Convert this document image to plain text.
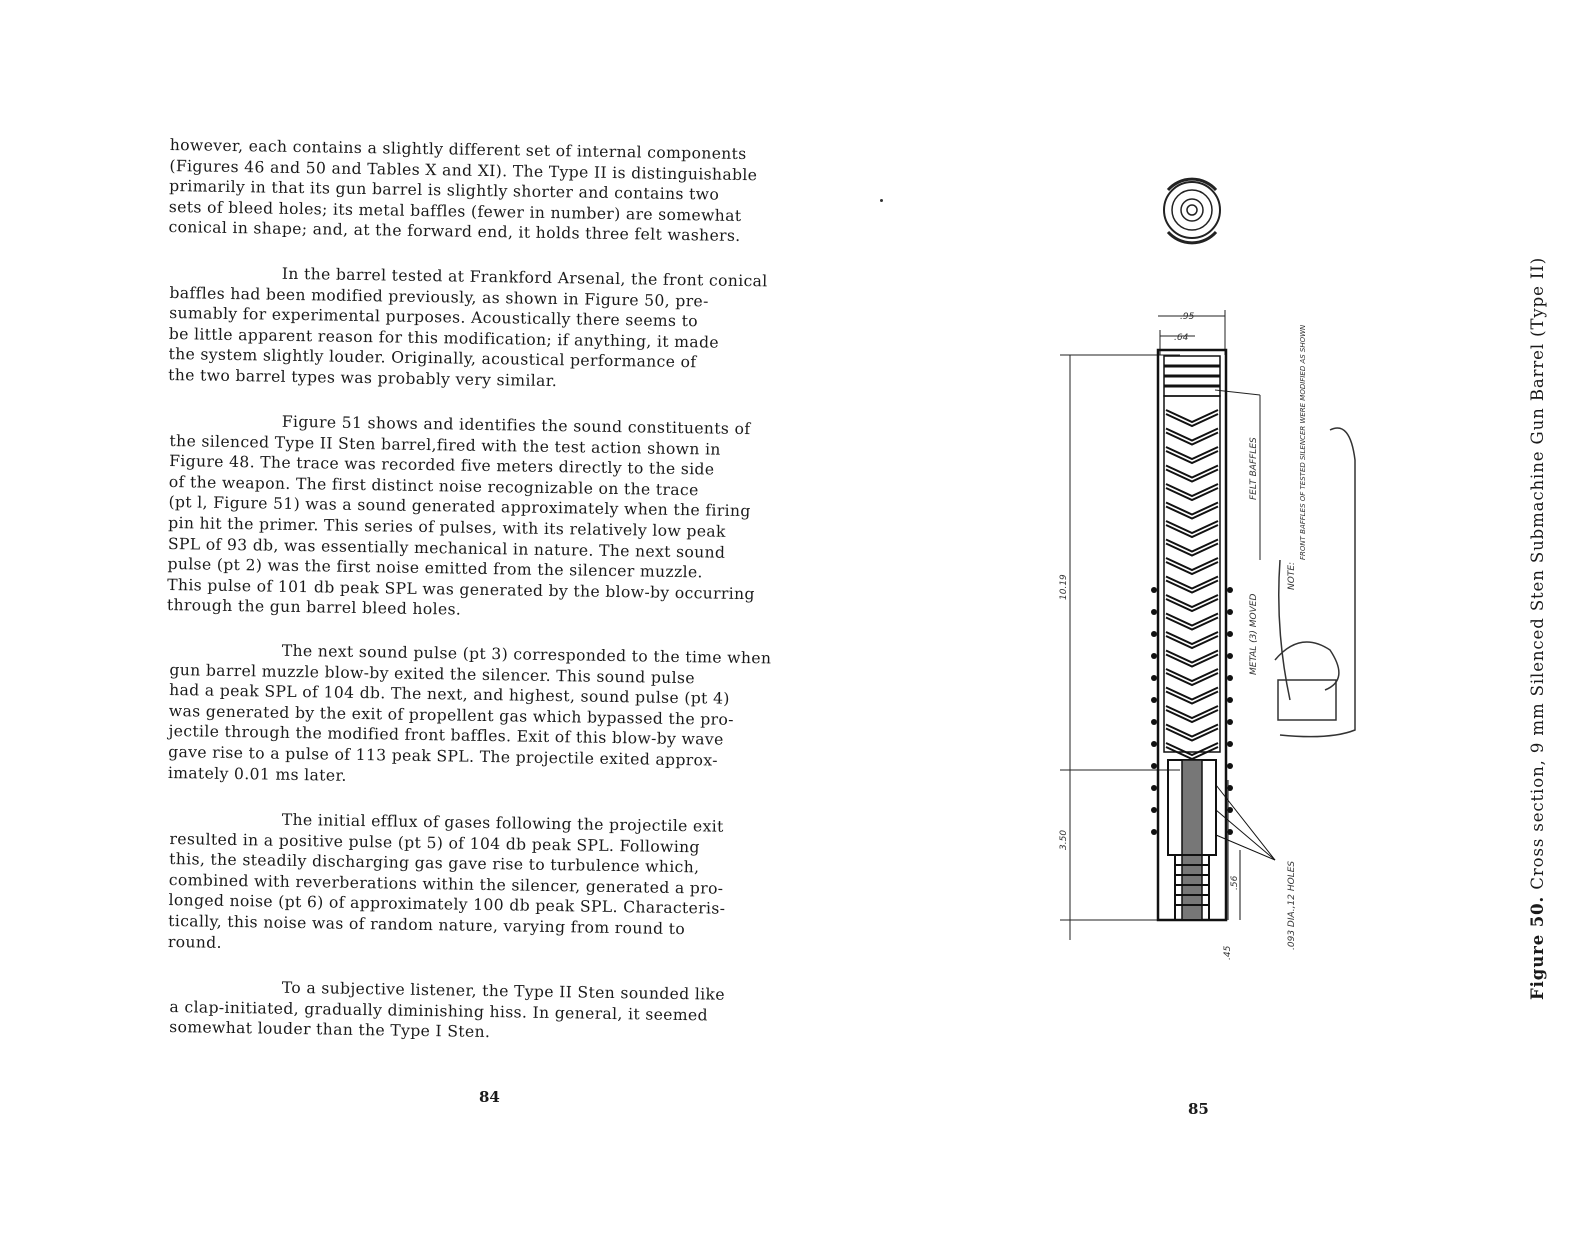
however, each contains a slightly different set of internal components
(Figures 46 and 50 and Tables X and XI). The Type II is distinguishable
primarily in that its gun barrel is slightly shorter and contains two
sets of bleed holes; its metal baffles (fewer in number) are somewhat
conical in shape; and, at the forward end, it holds three felt washers.

In the barrel tested at Frankford Arsenal, the front conical
baffles had been modified previously, as shown in Figure 50, pre-
sumably for experimental purposes. Acoustically there seems to
be little apparent reason for this modification; if anything, it made
the system slightly louder. Originally, acoustical performance of
the two barrel types was probably very similar.

Figure 51 shows and identifies the sound constituents of
the silenced Type II Sten barrel,fired with the test action shown in
Figure 48. The trace was recorded five meters directly to the side
of the weapon. The first distinct noise recognizable on the trace
(pt l, Figure 51) was a sound generated approximately when the firing
pin hit the primer. This series of pulses, with its relatively low peak
SPL of 93 db, was essentially mechanical in nature. The next sound
pulse (pt 2) was the first noise emitted from the silencer muzzle.
This pulse of 101 db peak SPL was generated by the blow-by occurring
through the gun barrel bleed holes.

The next sound pulse (pt 3) corresponded to the time when
gun barrel muzzle blow-by exited the silencer. This sound pulse
had a peak SPL of 104 db. The next, and highest, sound pulse (pt 4)
was generated by the exit of propellent gas which bypassed the pro-
jectile through the modified front baffles. Exit of this blow-by wave
gave rise to a pulse of 113 peak SPL. The projectile exited approx-
imately 0.01 ms later.

The initial efflux of gases following the projectile exit
resulted in a positive pulse (pt 5) of 104 db peak SPL. Following
this, the steadily discharging gas gave rise to turbulence which,
combined with reverberations within the silencer, generated a pro-
longed noise (pt 6) of approximately 100 db peak SPL. Characteris-
tically, this noise was of random nature, varying from round to
round.

To a subjective listener, the Type II Sten sounded like
a clap-initiated, gradually diminishing hiss. In general, it seemed
somewhat louder than the Type I Sten.

84
.95
.64
10.19
3.50
.45
.56
FELT BAFFLES
METAL (3) MOVED
NOTE:
FRONT BAFFLES OF TESTED SILENCER WERE MODIFIED AS SHOWN
.093 DIA.,12 HOLES	Figure 50. Cross section, 9 mm Silenced Sten Submachine Gun Barrel (Type II)
85
